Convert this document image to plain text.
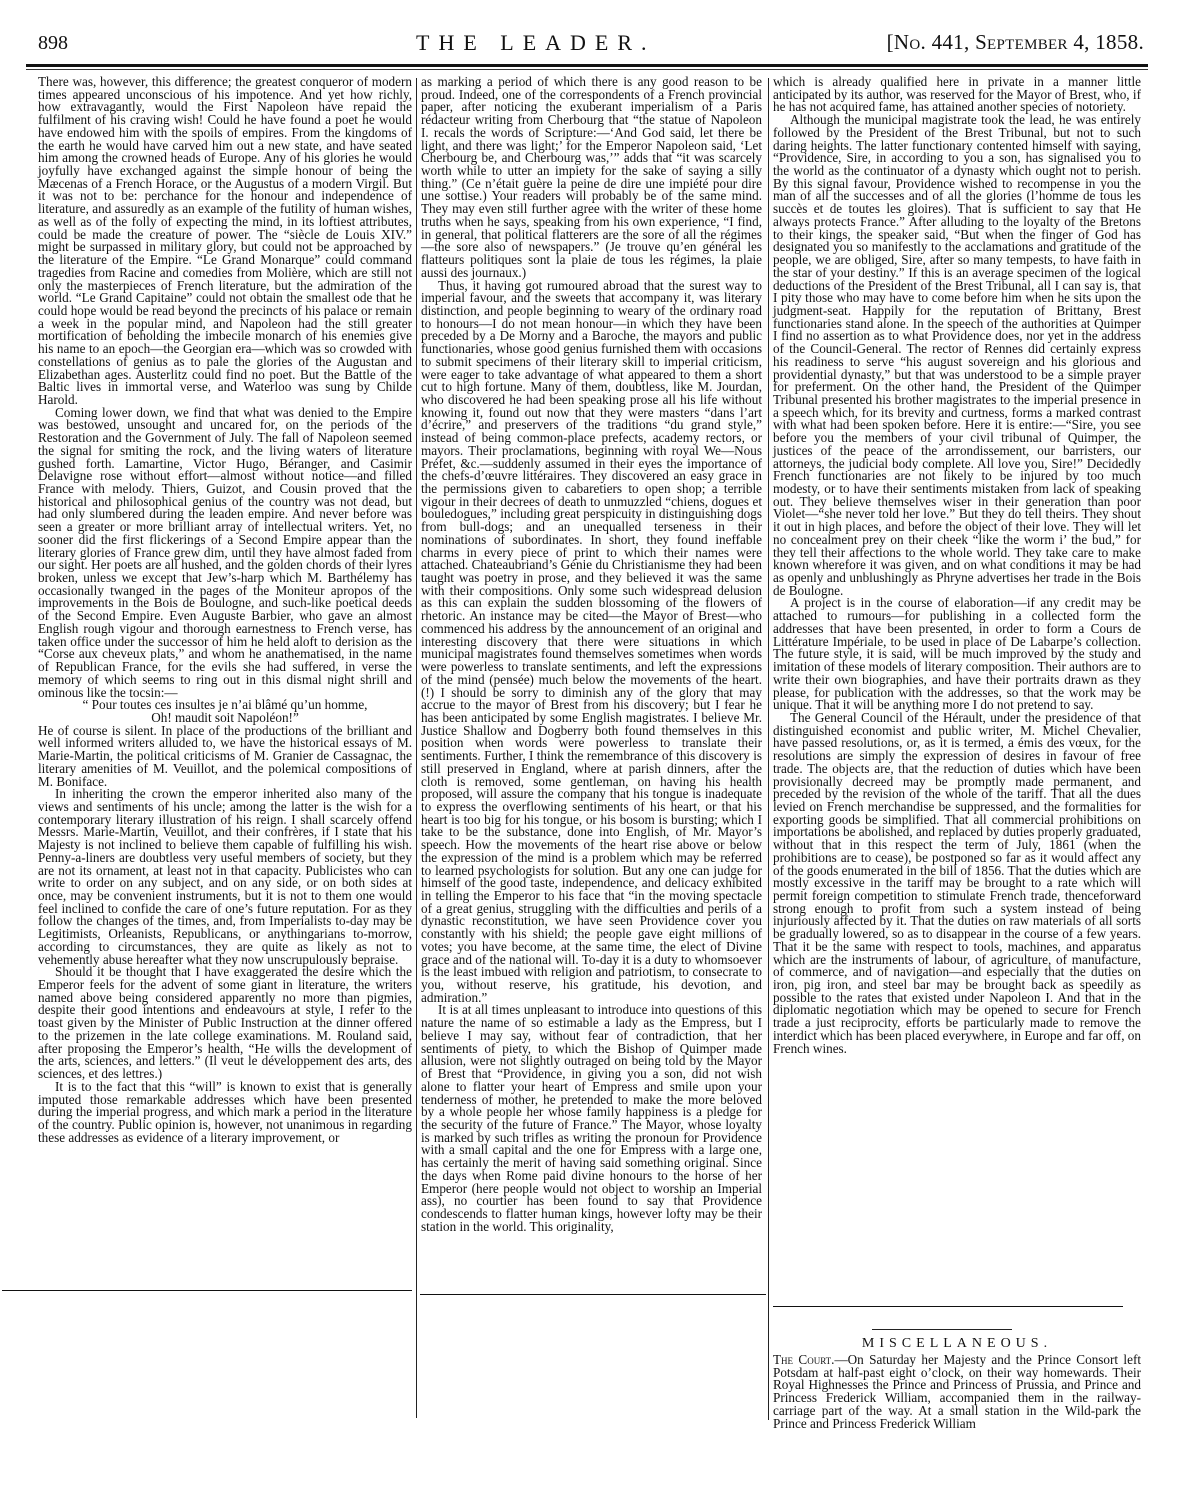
898	THE LEADER.	[No. 441, September 4, 1858.

There was, however, this difference; the greatest conqueror of modern times appeared unconscious of his impotence. And yet how richly, how extravagantly, would the First Napoleon have repaid the fulfilment of his craving wish! Could he have found a poet he would have endowed him with the spoils of empires. From the kingdoms of the earth he would have carved him out a new state, and have seated him among the crowned heads of Europe. Any of his glories he would joyfully have exchanged against the simple honour of being the Mæcenas of a French Horace, or the Augustus of a modern Virgil. But it was not to be: perchance for the honour and independence of literature, and assuredly as an example of the futility of human wishes, as well as of the folly of expecting the mind, in its loftiest attributes, could be made the creature of power. The “siècle de Louis XIV.” might be surpassed in military glory, but could not be approached by the literature of the Empire. “Le Grand Monarque” could command tragedies from Racine and comedies from Molière, which are still not only the masterpieces of French literature, but the admiration of the world. “Le Grand Capitaine” could not obtain the smallest ode that he could hope would be read beyond the precincts of his palace or remain a week in the popular mind, and Napoleon had the still greater mortification of beholding the imbecile monarch of his enemies give his name to an epoch—the Georgian era—which was so crowded with constellations of genius as to pale the glories of the Augustan and Elizabethan ages. Austerlitz could find no poet. But the Battle of the Baltic lives in immortal verse, and Waterloo was sung by Childe Harold.

Coming lower down, we find that what was denied to the Empire was bestowed, unsought and uncared for, on the periods of the Restoration and the Government of July. The fall of Napoleon seemed the signal for smiting the rock, and the living waters of literature gushed forth. Lamartine, Victor Hugo, Béranger, and Casimir Delavigne rose without effort—almost without notice—and filled France with melody. Thiers, Guizot, and Cousin proved that the historical and philosophical genius of the country was not dead, but had only slumbered during the leaden empire. And never before was seen a greater or more brilliant array of intellectual writers. Yet, no sooner did the first flickerings of a Second Empire appear than the literary glories of France grew dim, until they have almost faded from our sight. Her poets are all hushed, and the golden chords of their lyres broken, unless we except that Jew’s-harp which M. Barthélemy has occasionally twanged in the pages of the Moniteur apropos of the improvements in the Bois de Boulogne, and such-like poetical deeds of the Second Empire. Even Auguste Barbier, who gave an almost English rough vigour and thorough earnestness to French verse, has taken office under the successor of him he held aloft to derision as the “Corse aux cheveux plats,” and whom he anathematised, in the name of Republican France, for the evils she had suffered, in verse the memory of which seems to ring out in this dismal night shrill and ominous like the tocsin:—

“ Pour toutes ces insultes je n’ai blâmé qu’un homme,
Oh! maudit soit Napoléon!”

He of course is silent. In place of the productions of the brilliant and well informed writers alluded to, we have the historical essays of M. Marie-Martin, the political criticisms of M. Granier de Cassagnac, the literary amenities of M. Veuillot, and the polemical compositions of M. Boniface.

In inheriting the crown the emperor inherited also many of the views and sentiments of his uncle; among the latter is the wish for a contemporary literary illustration of his reign. I shall scarcely offend Messrs. Marie-Martin, Veuillot, and their confrères, if I state that his Majesty is not inclined to believe them capable of fulfilling his wish. Penny-a-liners are doubtless very useful members of society, but they are not its ornament, at least not in that capacity. Publicistes who can write to order on any subject, and on any side, or on both sides at once, may be convenient instruments, but it is not to them one would feel inclined to confide the care of one’s future reputation. For as they follow the changes of the times, and, from Imperialists to-day may be Legitimists, Orleanists, Republicans, or anythingarians to-morrow, according to circumstances, they are quite as likely as not to vehemently abuse hereafter what they now unscrupulously bepraise.

Should it be thought that I have exaggerated the desire which the Emperor feels for the advent of some giant in literature, the writers named above being considered apparently no more than pigmies, despite their good intentions and endeavours at style, I refer to the toast given by the Minister of Public Instruction at the dinner offered to the prizemen in the late college examinations. M. Rouland said, after proposing the Emperor’s health, “He wills the development of the arts, sciences, and letters.” (Il veut le développement des arts, des sciences, et des lettres.)

It is to the fact that this “will” is known to exist that is generally imputed those remarkable addresses which have been presented during the imperial progress, and which mark a period in the literature of the country. Public opinion is, however, not unanimous in regarding these addresses as evidence of a literary improvement, or

as marking a period of which there is any good reason to be proud. Indeed, one of the correspondents of a French provincial paper, after noticing the exuberant imperialism of a Paris rédacteur writing from Cherbourg that “the statue of Napoleon I. recals the words of Scripture:—‘And God said, let there be light, and there was light;’ for the Emperor Napoleon said, ‘Let Cherbourg be, and Cherbourg was,’” adds that “it was scarcely worth while to utter an impiety for the sake of saying a silly thing.” (Ce n’était guère la peine de dire une impiété pour dire une sottise.) Your readers will probably be of the same mind. They may even still further agree with the writer of these home truths when he says, speaking from his own experience, “I find, in general, that political flatterers are the sore of all the régimes—the sore also of newspapers.” (Je trouve qu’en général les flatteurs politiques sont la plaie de tous les régimes, la plaie aussi des journaux.)

Thus, it having got rumoured abroad that the surest way to imperial favour, and the sweets that accompany it, was literary distinction, and people beginning to weary of the ordinary road to honours—I do not mean honour—in which they have been preceded by a De Morny and a Baroche, the mayors and public functionaries, whose good genius furnished them with occasions to submit specimens of their literary skill to imperial criticism, were eager to take advantage of what appeared to them a short cut to high fortune. Many of them, doubtless, like M. Jourdan, who discovered he had been speaking prose all his life without knowing it, found out now that they were masters “dans l’art d’écrire,” and preservers of the traditions “du grand style,” instead of being common-place prefects, academy rectors, or mayors. Their proclamations, beginning with royal We—Nous Préfet, &c.—suddenly assumed in their eyes the importance of the chefs-d’œuvre littéraires. They discovered an easy grace in the permissions given to cabaretiers to open shop; a terrible vigour in their decrees of death to unmuzzled “chiens, dogues et bouledogues,” including great perspicuity in distinguishing dogs from bull-dogs; and an unequalled terseness in their nominations of subordinates. In short, they found ineffable charms in every piece of print to which their names were attached. Chateaubriand’s Génie du Christianisme they had been taught was poetry in prose, and they believed it was the same with their compositions. Only some such widespread delusion as this can explain the sudden blossoming of the flowers of rhetoric. An instance may be cited—the Mayor of Brest—who commenced his address by the announcement of an original and interesting discovery that there were situations in which municipal magistrates found themselves sometimes when words were powerless to translate sentiments, and left the expressions of the mind (pensée) much below the movements of the heart. (!) I should be sorry to diminish any of the glory that may accrue to the mayor of Brest from his discovery; but I fear he has been anticipated by some English magistrates. I believe Mr. Justice Shallow and Dogberry both found themselves in this position when words were powerless to translate their sentiments. Further, I think the remembrance of this discovery is still preserved in England, where at parish dinners, after the cloth is removed, some gentleman, on having his health proposed, will assure the company that his tongue is inadequate to express the overflowing sentiments of his heart, or that his heart is too big for his tongue, or his bosom is bursting; which I take to be the substance, done into English, of Mr. Mayor’s speech. How the movements of the heart rise above or below the expression of the mind is a problem which may be referred to learned psychologists for solution. But any one can judge for himself of the good taste, independence, and delicacy exhibited in telling the Emperor to his face that “in the moving spectacle of a great genius, struggling with the difficulties and perils of a dynastic reconstitution, we have seen Providence cover you constantly with his shield; the people gave eight millions of votes; you have become, at the same time, the elect of Divine grace and of the national will. To-day it is a duty to whomsoever is the least imbued with religion and patriotism, to consecrate to you, without reserve, his gratitude, his devotion, and admiration.”

It is at all times unpleasant to introduce into questions of this nature the name of so estimable a lady as the Empress, but I believe I may say, without fear of contradiction, that her sentiments of piety, to which the Bishop of Quimper made allusion, were not slightly outraged on being told by the Mayor of Brest that “Providence, in giving you a son, did not wish alone to flatter your heart of Empress and smile upon your tenderness of mother, he pretended to make the more beloved by a whole people her whose family happiness is a pledge for the security of the future of France.” The Mayor, whose loyalty is marked by such trifles as writing the pronoun for Providence with a small capital and the one for Empress with a large one, has certainly the merit of having said something original. Since the days when Rome paid divine honours to the horse of her Emperor (here people would not object to worship an Imperial ass), no courtier has been found to say that Providence condescends to flatter human kings, however lofty may be their station in the world. This originality,

which is already qualified here in private in a manner little anticipated by its author, was reserved for the Mayor of Brest, who, if he has not acquired fame, has attained another species of notoriety.

Although the municipal magistrate took the lead, he was entirely followed by the President of the Brest Tribunal, but not to such daring heights. The latter functionary contented himself with saying, “Providence, Sire, in according to you a son, has signalised you to the world as the continuator of a dynasty which ought not to perish. By this signal favour, Providence wished to recompense in you the man of all the successes and of all the glories (l’homme de tous les succès et de toutes les gloires). That is sufficient to say that He always protects France.” After alluding to the loyalty of the Bretons to their kings, the speaker said, “But when the finger of God has designated you so manifestly to the acclamations and gratitude of the people, we are obliged, Sire, after so many tempests, to have faith in the star of your destiny.” If this is an average specimen of the logical deductions of the President of the Brest Tribunal, all I can say is, that I pity those who may have to come before him when he sits upon the judgment-seat. Happily for the reputation of Brittany, Brest functionaries stand alone. In the speech of the authorities at Quimper I find no assertion as to what Providence does, nor yet in the address of the Council-General. The rector of Rennes did certainly express his readiness to serve “his august sovereign and his glorious and providential dynasty,” but that was understood to be a simple prayer for preferment. On the other hand, the President of the Quimper Tribunal presented his brother magistrates to the imperial presence in a speech which, for its brevity and curtness, forms a marked contrast with what had been spoken before. Here it is entire:—“Sire, you see before you the members of your civil tribunal of Quimper, the justices of the peace of the arrondissement, our barristers, our attorneys, the judicial body complete. All love you, Sire!” Decidedly French functionaries are not likely to be injured by too much modesty, or to have their sentiments mistaken from lack of speaking out. They believe themselves wiser in their generation than poor Violet—“she never told her love.” But they do tell theirs. They shout it out in high places, and before the object of their love. They will let no concealment prey on their cheek “like the worm i’ the bud,” for they tell their affections to the whole world. They take care to make known wherefore it was given, and on what conditions it may be had as openly and unblushingly as Phryne advertises her trade in the Bois de Boulogne.

A project is in the course of elaboration—if any credit may be attached to rumours—for publishing in a collected form the addresses that have been presented, in order to form a Cours de Littérature Impériale, to be used in place of De Labarpe’s collection. The future style, it is said, will be much improved by the study and imitation of these models of literary composition. Their authors are to write their own biographies, and have their portraits drawn as they please, for publication with the addresses, so that the work may be unique. That it will be anything more I do not pretend to say.

The General Council of the Hérault, under the presidence of that distinguished economist and public writer, M. Michel Chevalier, have passed resolutions, or, as it is termed, a émis des vœux, for the resolutions are simply the expression of desires in favour of free trade. The objects are, that the reduction of duties which have been provisionally decreed may be promptly made permanent, and preceded by the revision of the whole of the tariff. That all the dues levied on French merchandise be suppressed, and the formalities for exporting goods be simplified. That all commercial prohibitions on importations be abolished, and replaced by duties properly graduated, without that in this respect the term of July, 1861 (when the prohibitions are to cease), be postponed so far as it would affect any of the goods enumerated in the bill of 1856. That the duties which are mostly excessive in the tariff may be brought to a rate which will permit foreign competition to stimulate French trade, thenceforward strong enough to profit from such a system instead of being injuriously affected by it. That the duties on raw materials of all sorts be gradually lowered, so as to disappear in the course of a few years. That it be the same with respect to tools, machines, and apparatus which are the instruments of labour, of agriculture, of manufacture, of commerce, and of navigation—and especially that the duties on iron, pig iron, and steel bar may be brought back as speedily as possible to the rates that existed under Napoleon I. And that in the diplomatic negotiation which may be opened to secure for French trade a just reciprocity, efforts be particularly made to remove the interdict which has been placed everywhere, in Europe and far off, on French wines.

MISCELLANEOUS.
The Court.—On Saturday her Majesty and the Prince Consort left Potsdam at half-past eight o’clock, on their way homewards. Their Royal Highnesses the Prince and Princess of Prussia, and Prince and Princess Frederick William, accompanied them in the railway-carriage part of the way. At a small station in the Wild-park the Prince and Princess Frederick William
